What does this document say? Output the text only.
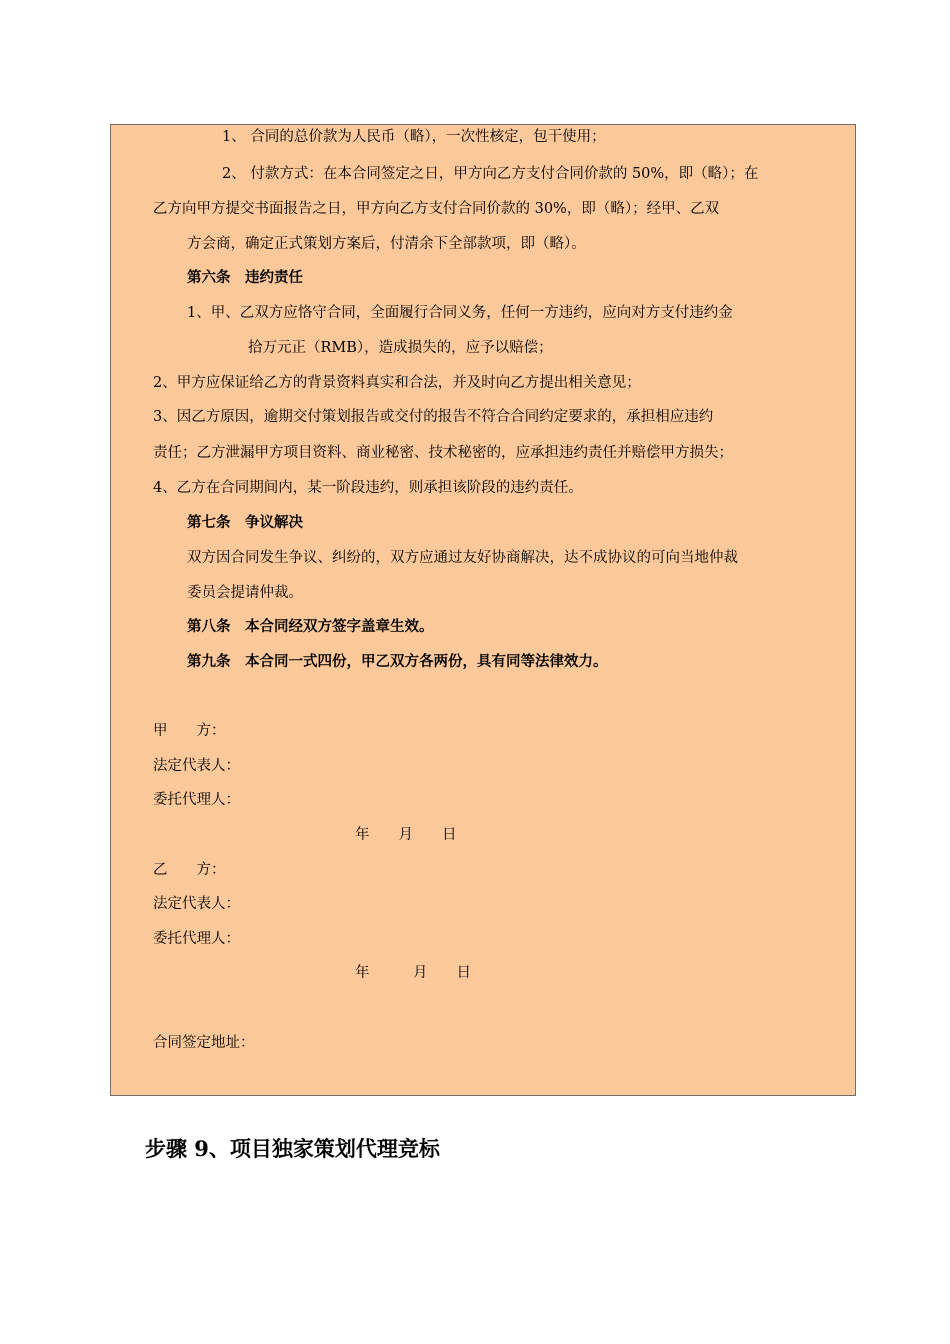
1、 合同的总价款为人民币（略），一次性核定，包干使用；
2、 付款方式：在本合同签定之日，甲方向乙方支付合同价款的 50%，即（略）；在
乙方向甲方提交书面报告之日，甲方向乙方支付合同价款的 30%，即（略）；经甲、乙双
方会商，确定正式策划方案后，付清余下全部款项，即（略）。
第六条　违约责任
1、甲、乙双方应恪守合同，全面履行合同义务，任何一方违约，应向对方支付违约金
拾万元正（RMB），造成损失的，应予以赔偿；
2、甲方应保证给乙方的背景资料真实和合法，并及时向乙方提出相关意见；
3、因乙方原因，逾期交付策划报告或交付的报告不符合合同约定要求的，承担相应违约
责任；乙方泄漏甲方项目资料、商业秘密、技术秘密的，应承担违约责任并赔偿甲方损失；
4、乙方在合同期间内，某一阶段违约，则承担该阶段的违约责任。
第七条　争议解决
双方因合同发生争议、纠纷的，双方应通过友好协商解决，达不成协议的可向当地仲裁
委员会提请仲裁。
第八条　本合同经双方签字盖章生效。
第九条　本合同一式四份，甲乙双方各两份，具有同等法律效力。
甲　　方：
法定代表人：
委托代理人：
年　　月　　日
乙　　方：
法定代表人：
委托代理人：
年　　　月　　日
合同签定地址：
步骤 9、项目独家策划代理竞标
